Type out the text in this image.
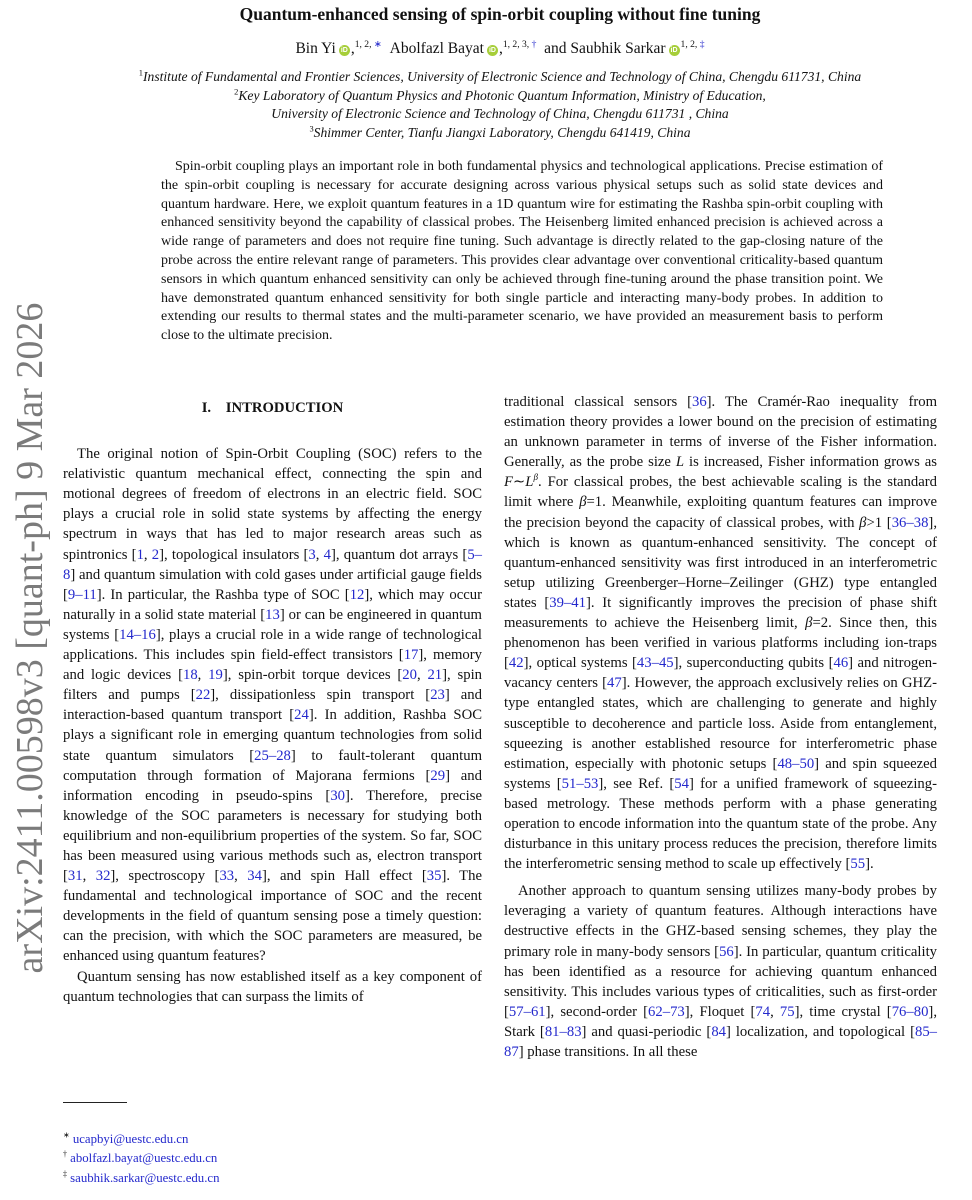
arXiv:2411.00598v3 [quant-ph] 9 Mar 2026
Quantum-enhanced sensing of spin-orbit coupling without fine tuning
Bin Yi iD ,$^{1, 2,}$ ∗ Abolfazl Bayat iD ,$^{1, 2, 3,}$ † and Saubhik Sarkar $iD^{1, 2,}$ ‡
$^1$Institute of Fundamental and Frontier Sciences, University of Electronic Science and Technology of China, Chengdu 611731, China
$^2$Key Laboratory of Quantum Physics and Photonic Quantum Information, Ministry of Education,
University of Electronic Science and Technology of China, Chengdu 611731 , China
$^3$Shimmer Center, Tianfu Jiangxi Laboratory, Chengdu 641419, China
Spin-orbit coupling plays an important role in both fundamental physics and technological applications. Precise estimation of the spin-orbit coupling is necessary for accurate designing across various physical setups such as solid state devices and quantum hardware. Here, we exploit quantum features in a 1D quantum wire for estimating the Rashba spin-orbit coupling with enhanced sensitivity beyond the capability of classical probes. The Heisenberg limited enhanced precision is achieved across a wide range of parameters and does not require fine tuning. Such advantage is directly related to the gap-closing nature of the probe across the entire relevant range of parameters. This provides clear advantage over conventional criticality-based quantum sensors in which quantum enhanced sensitivity can only be achieved through fine-tuning around the phase transition point. We have demonstrated quantum enhanced sensitivity for both single particle and interacting many-body probes. In addition to extending our results to thermal states and the multi-parameter scenario, we have provided an measurement basis to perform close to the ultimate precision.
I.  INTRODUCTION

The original notion of Spin-Orbit Coupling (SOC) refers to the relativistic quantum mechanical effect, connecting the spin and motional degrees of freedom of electrons in an electric field. SOC plays a crucial role in solid state systems by affecting the energy spectrum in ways that has led to major research areas such as spintronics [1, 2], topological insulators [3, 4], quantum dot arrays [5–8] and quantum simulation with cold gases under artificial gauge fields [9–11]. In particular, the Rashba type of SOC [12], which may occur naturally in a solid state material [13] or can be engineered in quantum systems [14–16], plays a crucial role in a wide range of technological applications. This includes spin field-effect transistors [17], memory and logic devices [18, 19], spin-orbit torque devices [20, 21], spin filters and pumps [22], dissipationless spin transport [23] and interaction-based quantum transport [24]. In addition, Rashba SOC plays a significant role in emerging quantum technologies from solid state quantum simulators [25–28] to fault-tolerant quantum computation through formation of Majorana fermions [29] and information encoding in pseudo-spins [30]. Therefore, precise knowledge of the SOC parameters is necessary for studying both equilibrium and non-equilibrium properties of the system. So far, SOC has been measured using various methods such as, electron transport [31, 32], spectroscopy [33, 34], and spin Hall effect [35]. The fundamental and technological importance of SOC and the recent developments in the field of quantum sensing pose a timely question: can the precision, with which the SOC parameters are measured, be enhanced using quantum features?

Quantum sensing has now established itself as a key component of quantum technologies that can surpass the limits of

traditional classical sensors [36]. The Cramér-Rao inequality from estimation theory provides a lower bound on the precision of estimating an unknown parameter in terms of inverse of the Fisher information. Generally, as the probe size L is increased, Fisher information grows as $F\sim L^\beta$. For classical probes, the best achievable scaling is the standard limit where β=1. Meanwhile, exploiting quantum features can improve the precision beyond the capacity of classical probes, with β>1 [36–38], which is known as quantum-enhanced sensitivity. The concept of quantum-enhanced sensitivity was first introduced in an interferometric setup utilizing Greenberger–Horne–Zeilinger (GHZ) type entangled states [39–41]. It significantly improves the precision of phase shift measurements to achieve the Heisenberg limit, β=2. Since then, this phenomenon has been verified in various platforms including ion-traps [42], optical systems [43–45], superconducting qubits [46] and nitrogen-vacancy centers [47]. However, the approach exclusively relies on GHZ-type entangled states, which are challenging to generate and highly susceptible to decoherence and particle loss. Aside from entanglement, squeezing is another established resource for interferometric phase estimation, especially with photonic setups [48–50] and spin squeezed systems [51–53], see Ref. [54] for a unified framework of squeezing-based metrology. These methods perform with a phase generating operation to encode information into the quantum state of the probe. Any disturbance in this unitary process reduces the precision, therefore limits the interferometric sensing method to scale up effectively [55].

Another approach to quantum sensing utilizes many-body probes by leveraging a variety of quantum features. Although interactions have destructive effects in the GHZ-based sensing schemes, they play the primary role in many-body sensors [56]. In particular, quantum criticality has been identified as a resource for achieving quantum enhanced sensitivity. This includes various types of criticalities, such as first-order [57–61], second-order [62–73], Floquet [74, 75], time crystal [76–80], Stark [81–83] and quasi-periodic [84] localization, and topological [85–87] phase transitions. In all these

∗ ucapbyi@uestc.edu.cn
† abolfazl.bayat@uestc.edu.cn
‡ saubhik.sarkar@uestc.edu.cn
